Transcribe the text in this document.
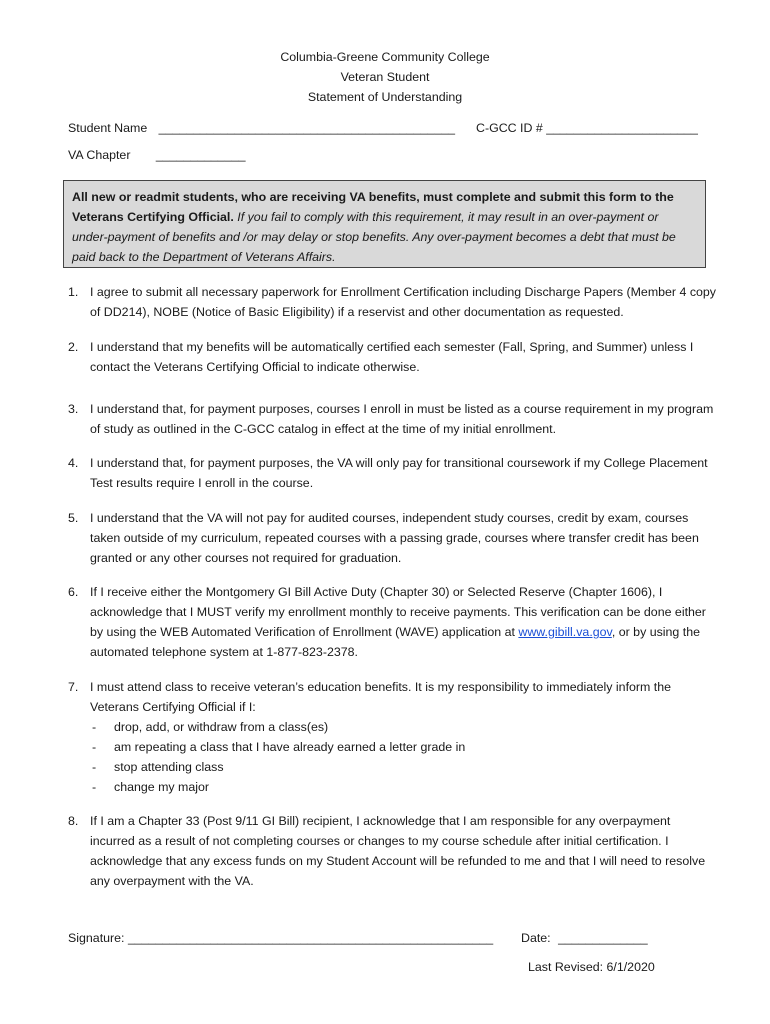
Columbia-Greene Community College
Veteran Student
Statement of Understanding
Student Name ___________________________________________ C-GCC ID # ______________________
VA Chapter _____________
All new or readmit students, who are receiving VA benefits, must complete and submit this form to the Veterans Certifying Official. If you fail to comply with this requirement, it may result in an over-payment or under-payment of benefits and /or may delay or stop benefits. Any over-payment becomes a debt that must be paid back to the Department of Veterans Affairs.
1. I agree to submit all necessary paperwork for Enrollment Certification including Discharge Papers (Member 4 copy of DD214), NOBE (Notice of Basic Eligibility) if a reservist and other documentation as requested.
2. I understand that my benefits will be automatically certified each semester (Fall, Spring, and Summer) unless I contact the Veterans Certifying Official to indicate otherwise.
3. I understand that, for payment purposes, courses I enroll in must be listed as a course requirement in my program of study as outlined in the C-GCC catalog in effect at the time of my initial enrollment.
4. I understand that, for payment purposes, the VA will only pay for transitional coursework if my College Placement Test results require I enroll in the course.
5. I understand that the VA will not pay for audited courses, independent study courses, credit by exam, courses taken outside of my curriculum, repeated courses with a passing grade, courses where transfer credit has been granted or any other courses not required for graduation.
6. If I receive either the Montgomery GI Bill Active Duty (Chapter 30) or Selected Reserve (Chapter 1606), I acknowledge that I MUST verify my enrollment monthly to receive payments. This verification can be done either by using the WEB Automated Verification of Enrollment (WAVE) application at www.gibill.va.gov, or by using the automated telephone system at 1-877-823-2378.
7. I must attend class to receive veteran’s education benefits. It is my responsibility to immediately inform the Veterans Certifying Official if I:
- drop, add, or withdraw from a class(es)
- am repeating a class that I have already earned a letter grade in
- stop attending class
- change my major
8. If I am a Chapter 33 (Post 9/11 GI Bill) recipient, I acknowledge that I am responsible for any overpayment incurred as a result of not completing courses or changes to my course schedule after initial certification. I acknowledge that any excess funds on my Student Account will be refunded to me and that I will need to resolve any overpayment with the VA.
Signature: _____________________________________________________ Date: _____________
Last Revised: 6/1/2020
